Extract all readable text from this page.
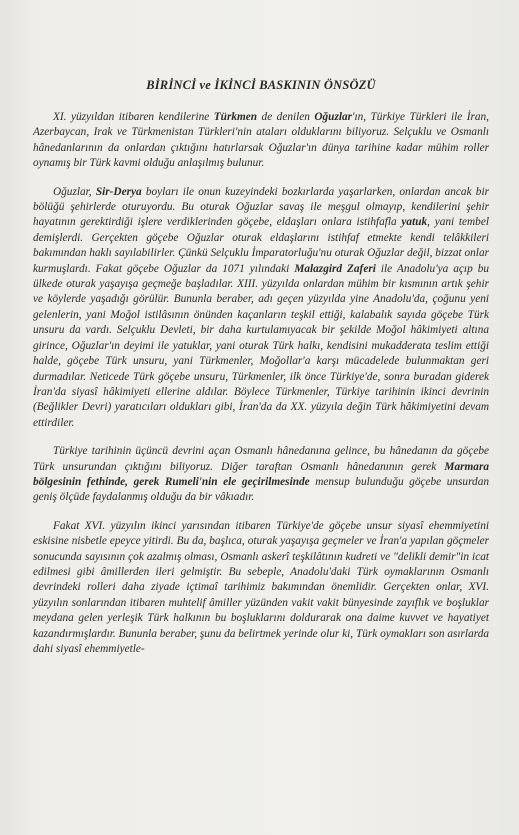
BİRİNCİ ve İKİNCİ BASKININ ÖNSÖZÜ

XI. yüzyıldan itibaren kendilerine Türkmen de denilen Oğuzlar'ın, Türkiye Türkleri ile İran, Azerbaycan, Irak ve Türkmenistan Türkleri'nin ataları olduklarını biliyoruz. Selçuklu ve Osmanlı hânedanlarının da onlardan çıktığını hatırlarsak Oğuzlar'ın dünya tarihine kadar mühim roller oynamış bir Türk kavmi olduğu anlaşılmış bulunur.

Oğuzlar, Sir-Derya boyları ile onun kuzeyindeki bozkırlarda yaşarlarken, onlardan ancak bir bölüğü şehirlerde oturuyordu. Bu oturak Oğuzlar savaş ile meşgul olmayıp, kendilerini şehir hayatının gerektirdiği işlere verdiklerinden göçebe, eldaşları onlara istihfafla yatuk, yani tembel demişlerdi. Gerçekten göçebe Oğuzlar oturak eldaşlarını istihfaf etmekte kendi telâkkileri bakımından haklı sayılabilirler. Çünkü Selçuklu İmparatorluğu'nu oturak Oğuzlar değil, bizzat onlar kurmuşlardı. Fakat göçebe Oğuzlar da 1071 yılındaki Malazgird Zaferi ile Anadolu'ya açıp bu ülkede oturak yaşayışa geçmeğe başladılar. XIII. yüzyılda onlardan mühim bir kısmının artık şehir ve köylerde yaşadığı görülür. Bununla beraber, adı geçen yüzyılda yine Anadolu'da, çoğunu yeni gelenlerin, yani Moğol istilâsının önünden kaçanların teşkil ettiği, kalabalık sayıda göçebe Türk unsuru da vardı. Selçuklu Devleti, bir daha kurtulamıyacak bir şekilde Moğol hâkimiyeti altına girince, Oğuzlar'ın deyimi ile yatuklar, yani oturak Türk halkı, kendisini mukadderata teslim ettiği halde, göçebe Türk unsuru, yani Türkmenler, Moğollar'a karşı mücadelede bulunmaktan geri durmadılar. Neticede Türk göçebe unsuru, Türkmenler, ilk önce Türkiye'de, sonra buradan giderek İran'da siyasî hâkimiyeti ellerine aldılar. Böylece Türkmenler, Türkiye tarihinin ikinci devrinin (Beğlikler Devri) yaratıcıları oldukları gibi, İran'da da XX. yüzyıla değin Türk hâkimiyetini devam ettirdiler.

Türkiye tarihinin üçüncü devrini açan Osmanlı hânedanına gelince, bu hânedanın da göçebe Türk unsurundan çıktığını biliyoruz. Diğer taraftan Osmanlı hânedanının gerek Marmara bölgesinin fethinde, gerek Rumeli'nin ele geçirilmesinde mensup bulunduğu göçebe unsurdan geniş ölçüde faydalanmış olduğu da bir vâkıadır.

Fakat XVI. yüzyılın ikinci yarısından itibaren Türkiye'de göçebe unsur siyasî ehemmiyetini eskisine nisbetle epeyce yitirdi. Bu da, başlıca, oturak yaşayışa geçmeler ve İran'a yapılan göçmeler sonucunda sayısının çok azalmış olması, Osmanlı askerî teşkilâtının kudreti ve "delikli demir"in icat edilmesi gibi âmillerden ileri gelmiştir. Bu sebeple, Anadolu'daki Türk oymaklarının Osmanlı devrindeki rolleri daha ziyade içtimaî tarihimiz bakımından önemlidir. Gerçekten onlar, XVI. yüzyılın sonlarından itibaren muhtelif âmiller yüzünden vakit vakit bünyesinde zayıflık ve boşluklar meydana gelen yerleşik Türk halkının bu boşluklarını doldurarak ona daime kuvvet ve hayatiyet kazandırmışlardır. Bununla beraber, şunu da belirtmek yerinde olur ki, Türk oymakları son asırlarda dahi siyasî ehemmiyetle-
